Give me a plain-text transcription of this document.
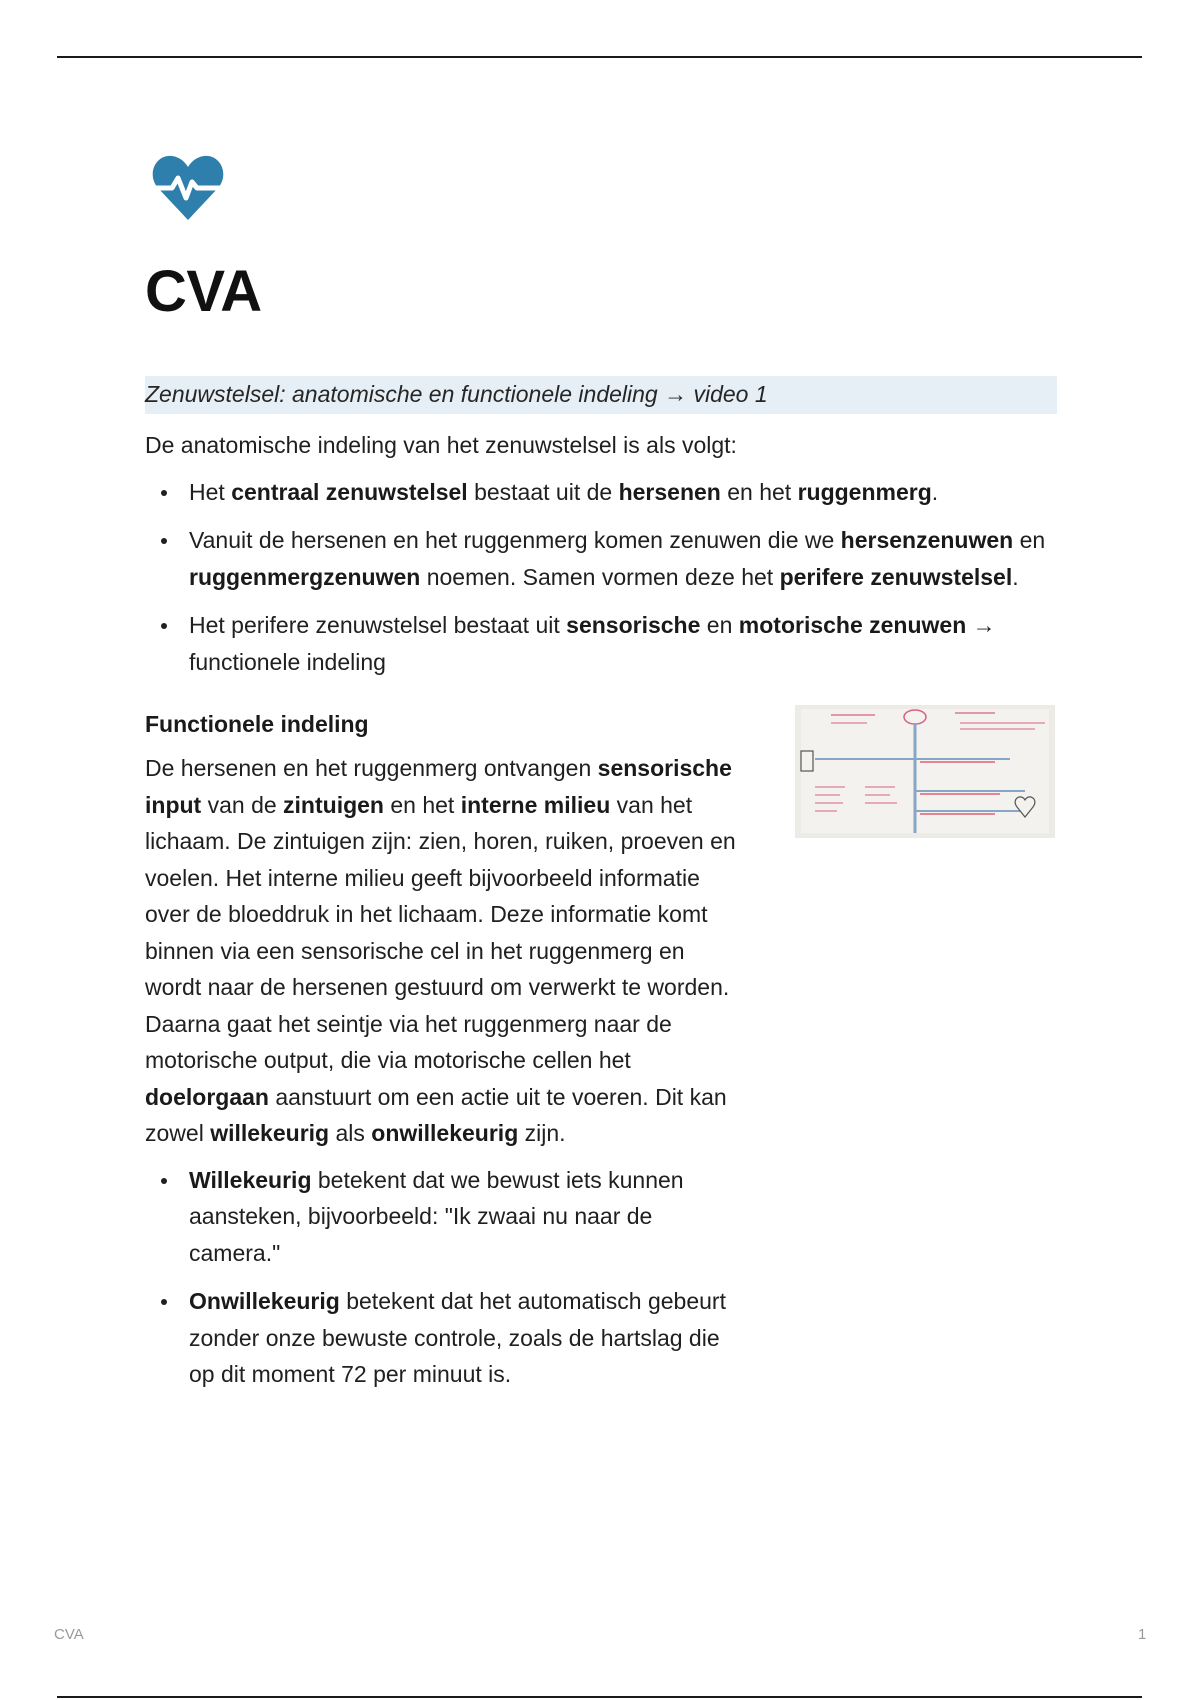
CVA
Zenuwstelsel: anatomische en functionele indeling → video 1

De anatomische indeling van het zenuwstelsel is als volgt:

Het centraal zenuwstelsel bestaat uit de hersenen en het ruggenmerg.
Vanuit de hersenen en het ruggenmerg komen zenuwen die we hersenzenuwen en ruggenmergzenuwen noemen. Samen vormen deze het perifere zenuwstelsel.
Het perifere zenuwstelsel bestaat uit sensorische en motorische zenuwen → functionele indeling
Functionele indeling

De hersenen en het ruggenmerg ontvangen sensorische input van de zintuigen en het interne milieu van het lichaam. De zintuigen zijn: zien, horen, ruiken, proeven en voelen. Het interne milieu geeft bijvoorbeeld informatie over de bloeddruk in het lichaam. Deze informatie komt binnen via een sensorische cel in het ruggenmerg en wordt naar de hersenen gestuurd om verwerkt te worden. Daarna gaat het seintje via het ruggenmerg naar de motorische output, die via motorische cellen het doelorgaan aanstuurt om een actie uit te voeren. Dit kan zowel willekeurig als onwillekeurig zijn.

Willekeurig betekent dat we bewust iets kunnen aansteken, bijvoorbeeld: "Ik zwaai nu naar de camera."
Onwillekeurig betekent dat het automatisch gebeurt zonder onze bewuste controle, zoals de hartslag die op dit moment 72 per minuut is.
CVA	1
